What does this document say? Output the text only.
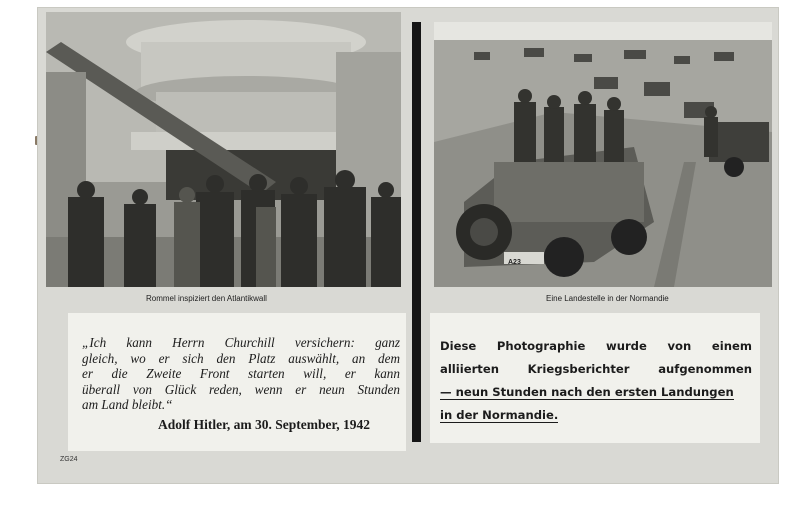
Rommel inspiziert den Atlantikwall
A23
Eine Landestelle in der Normandie
„Ich kann Herrn Churchill versichern: ganz
gleich, wo er sich den Platz auswählt, an dem
er die Zweite Front starten will, er kann
überall von Glück reden, wenn er neun Stunden
am Land bleibt.“
Adolf Hitler, am 30. September, 1942
Diese Photographie wurde von einem
alliierten Kriegsberichter aufgenommen
— neun Stunden nach den ersten Landungen
in der Normandie.
ZG24
